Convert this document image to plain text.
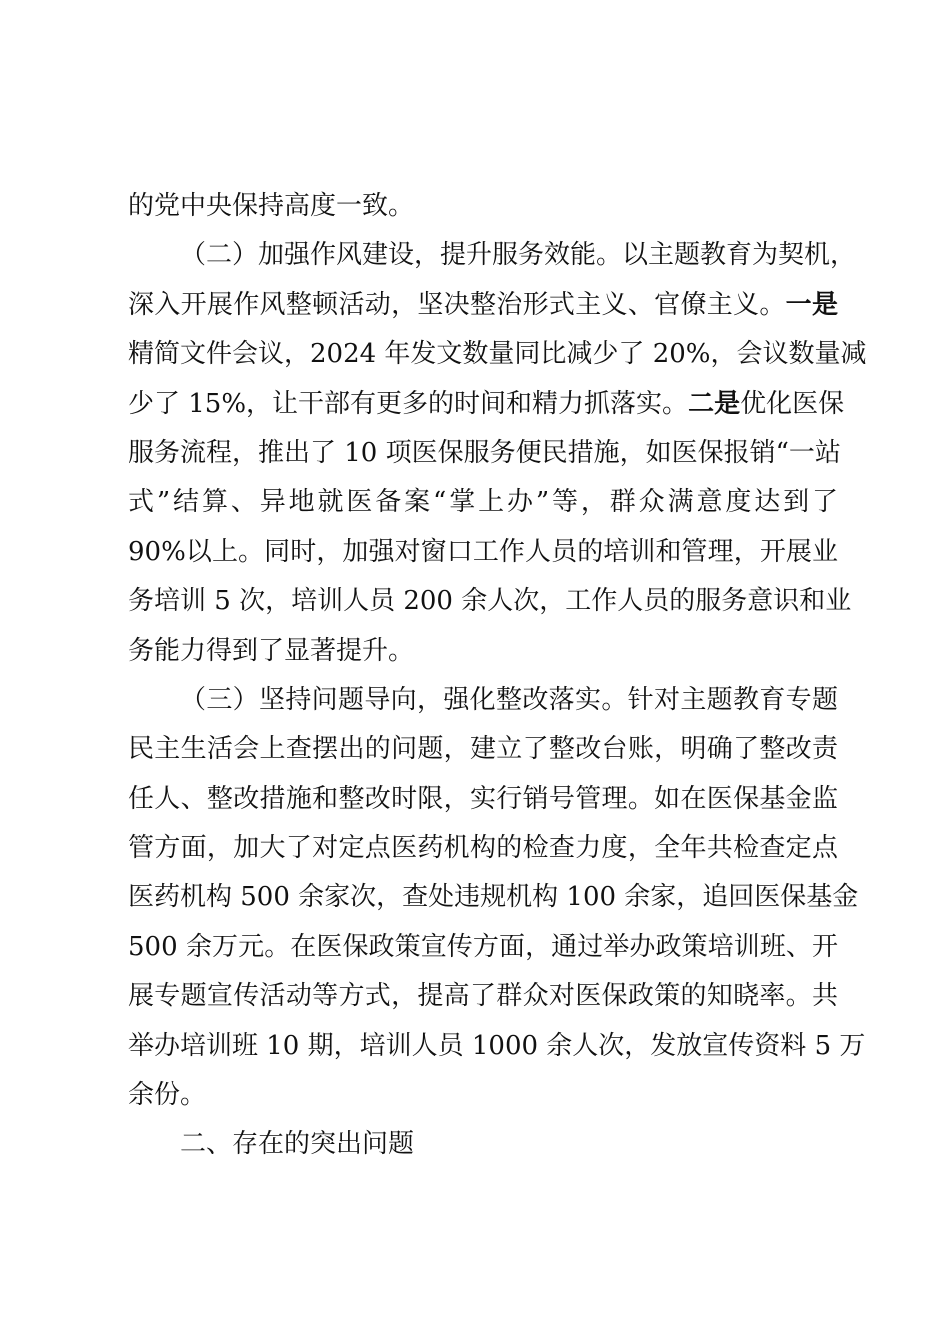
的党中央保持高度一致。
（二）加强作风建设，提升服务效能。以主题教育为契机，
深入开展作风整顿活动，坚决整治形式主义、官僚主义。一是
精简文件会议，2024 年发文数量同比减少了 20%，会议数量减
少了 15%，让干部有更多的时间和精力抓落实。二是优化医保
服务流程，推出了 10 项医保服务便民措施，如医保报销“一站
式”结算、异地就医备案“掌上办”等，群众满意度达到了
90%以上。同时，加强对窗口工作人员的培训和管理，开展业
务培训 5 次，培训人员 200 余人次，工作人员的服务意识和业
务能力得到了显著提升。
（三）坚持问题导向，强化整改落实。针对主题教育专题
民主生活会上查摆出的问题，建立了整改台账，明确了整改责
任人、整改措施和整改时限，实行销号管理。如在医保基金监
管方面，加大了对定点医药机构的检查力度，全年共检查定点
医药机构 500 余家次，查处违规机构 100 余家，追回医保基金
500 余万元。在医保政策宣传方面，通过举办政策培训班、开
展专题宣传活动等方式，提高了群众对医保政策的知晓率。共
举办培训班 10 期，培训人员 1000 余人次，发放宣传资料 5 万
余份。
二、存在的突出问题
